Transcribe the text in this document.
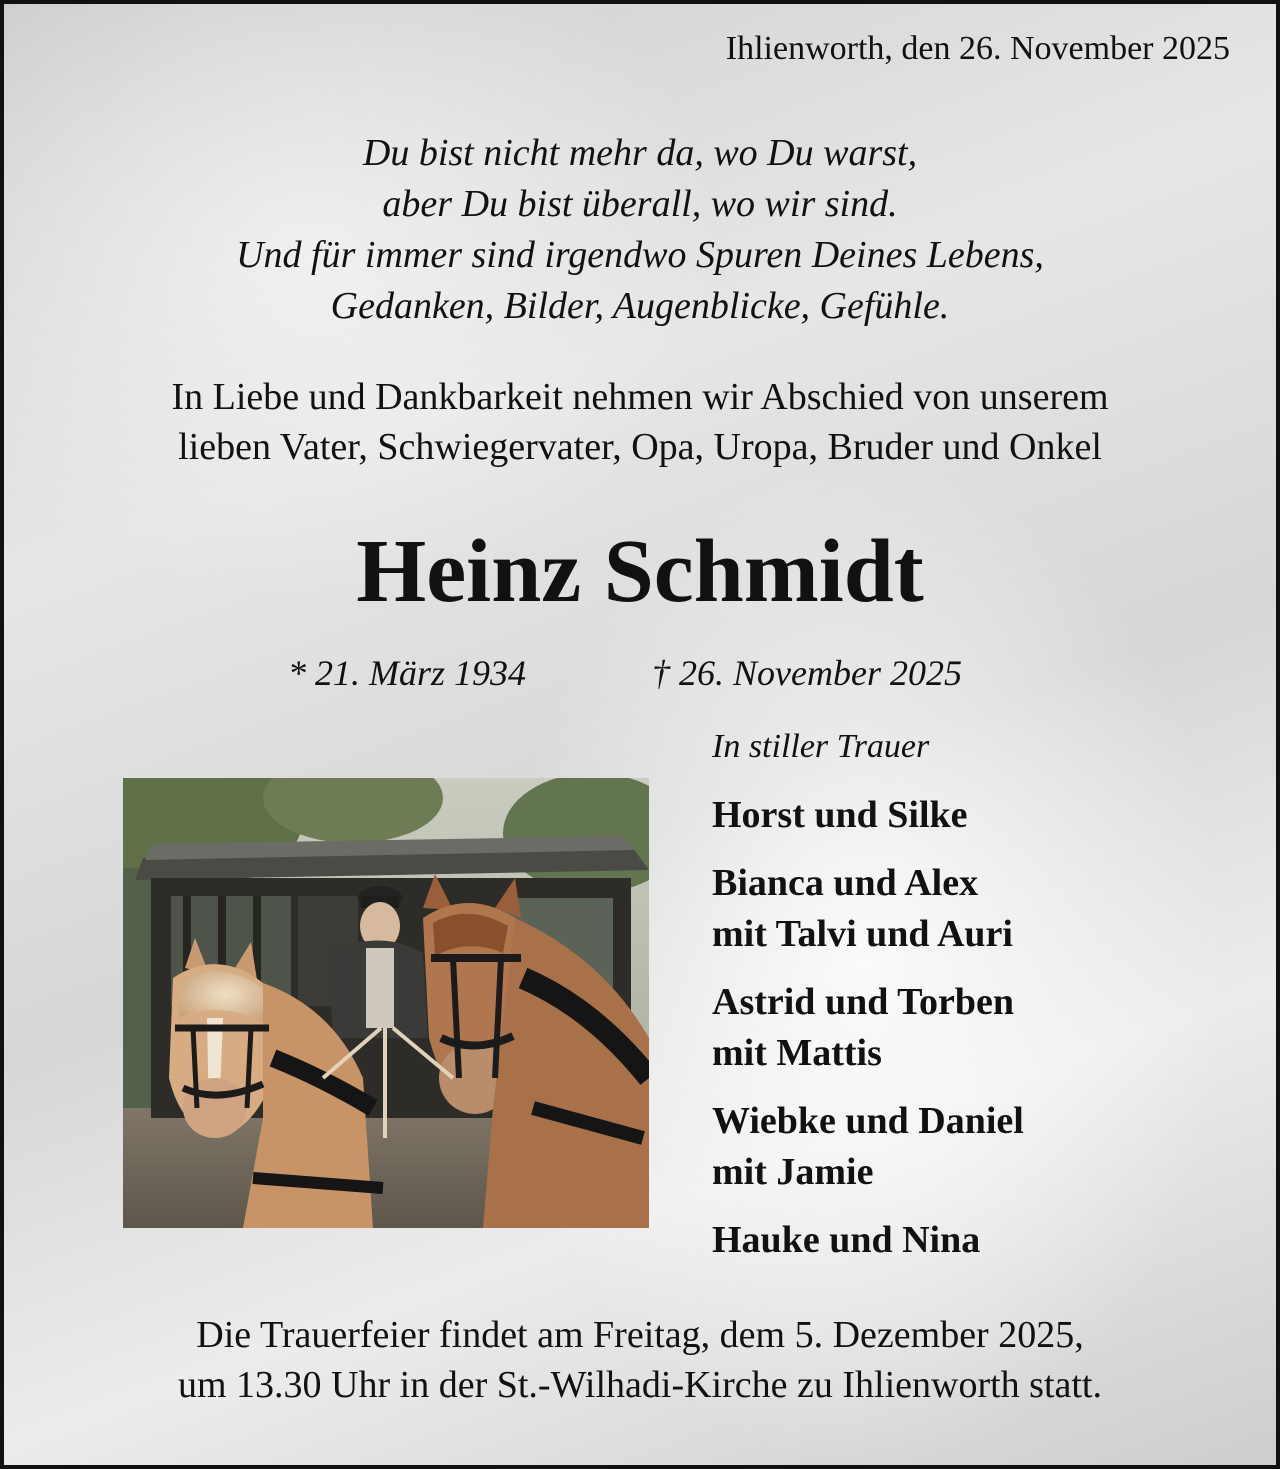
Ihlienworth, den 26. November 2025
Du bist nicht mehr da, wo Du warst,
aber Du bist überall, wo wir sind.
Und für immer sind irgendwo Spuren Deines Lebens,
Gedanken, Bilder, Augenblicke, Gefühle.
In Liebe und Dankbarkeit nehmen wir Abschied von unserem
lieben Vater, Schwiegervater, Opa, Uropa, Bruder und Onkel
Heinz Schmidt
* 21. März 1934	† 26. November 2025
In stiller Trauer
Horst und Silke
Bianca und Alex
mit Talvi und Auri
Astrid und Torben
mit Mattis
Wiebke und Daniel
mit Jamie
Hauke und Nina
Die Trauerfeier findet am Freitag, dem 5. Dezember 2025,
um 13.30 Uhr in der St.-Wilhadi-Kirche zu Ihlienworth statt.
